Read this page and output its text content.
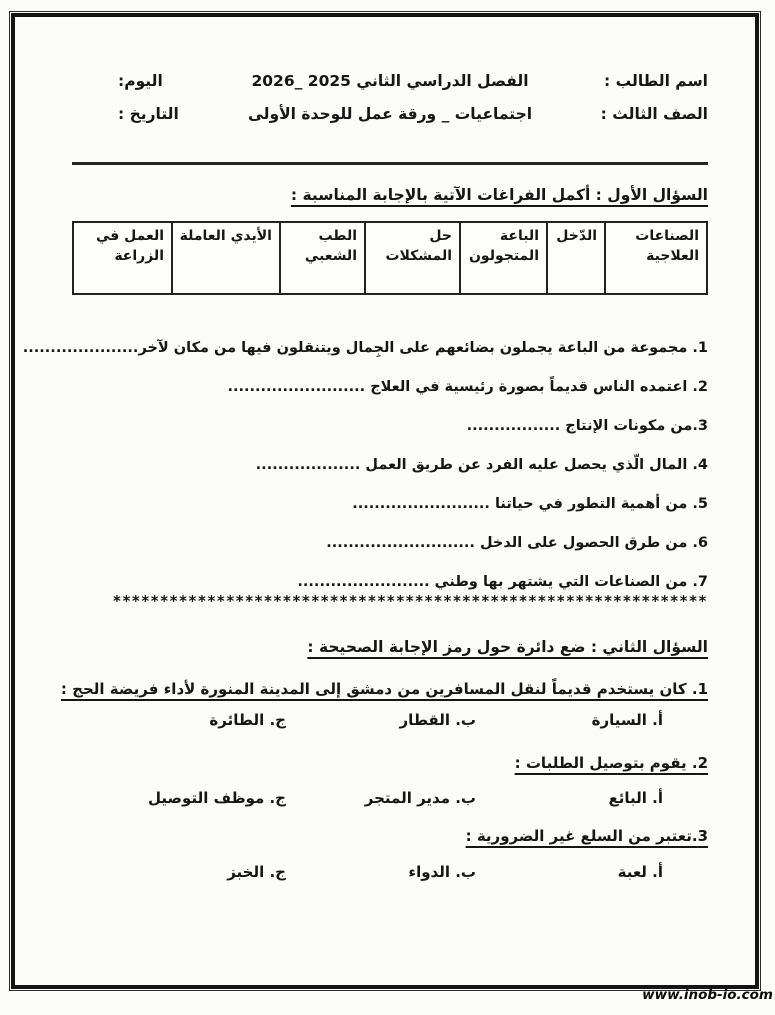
اسم الطالب :
الفصل الدراسي الثاني 2025 _2026
اليوم:
الصف الثالث :
اجتماعيات _ ورقة عمل للوحدة الأولى
التاريخ :
السؤال الأول : أكمل الفراغات الآتية بالإجابة المناسبة :
الصناعات العلاجية
الدّخل
الباعة المتجولون
حل المشكلات
الطب الشعبي
الأيدي العاملة
العمل في الزراعة
1. مجموعة من الباعة يجملون بضائعهم على الجِمال ويتنقلون فيها من مكان لآخر.....................
2. اعتمده الناس قديماً بصورة رئيسية في العلاج .........................
3.من مكونات الإنتاج .................
4. المال الّذي يحصل عليه الفرد عن طريق العمل ...................
5. من أهمية التطور في حياتنا .........................
6. من طرق الحصول على الدخل ...........................
7. من الصناعات التي يشتهر بها وطني ........................
***************************************************************
السؤال الثاني : ضع دائرة حول رمز الإجابة الصحيحة :
1. كان يستخدم قديماً لنقل المسافرين من دمشق إلى المدينة المنورة لأداء فريضة الحج :
أ. السيارة
ب. القطار
ج. الطائرة
2. يقوم بتوصيل الطلبات :
أ. البائع
ب. مدير المتجر
ج. موظف التوصيل
3.تعتبر من السلع غير الضرورية :
أ. لعبة
ب. الدواء
ج. الخبز
www.inob-io.com
